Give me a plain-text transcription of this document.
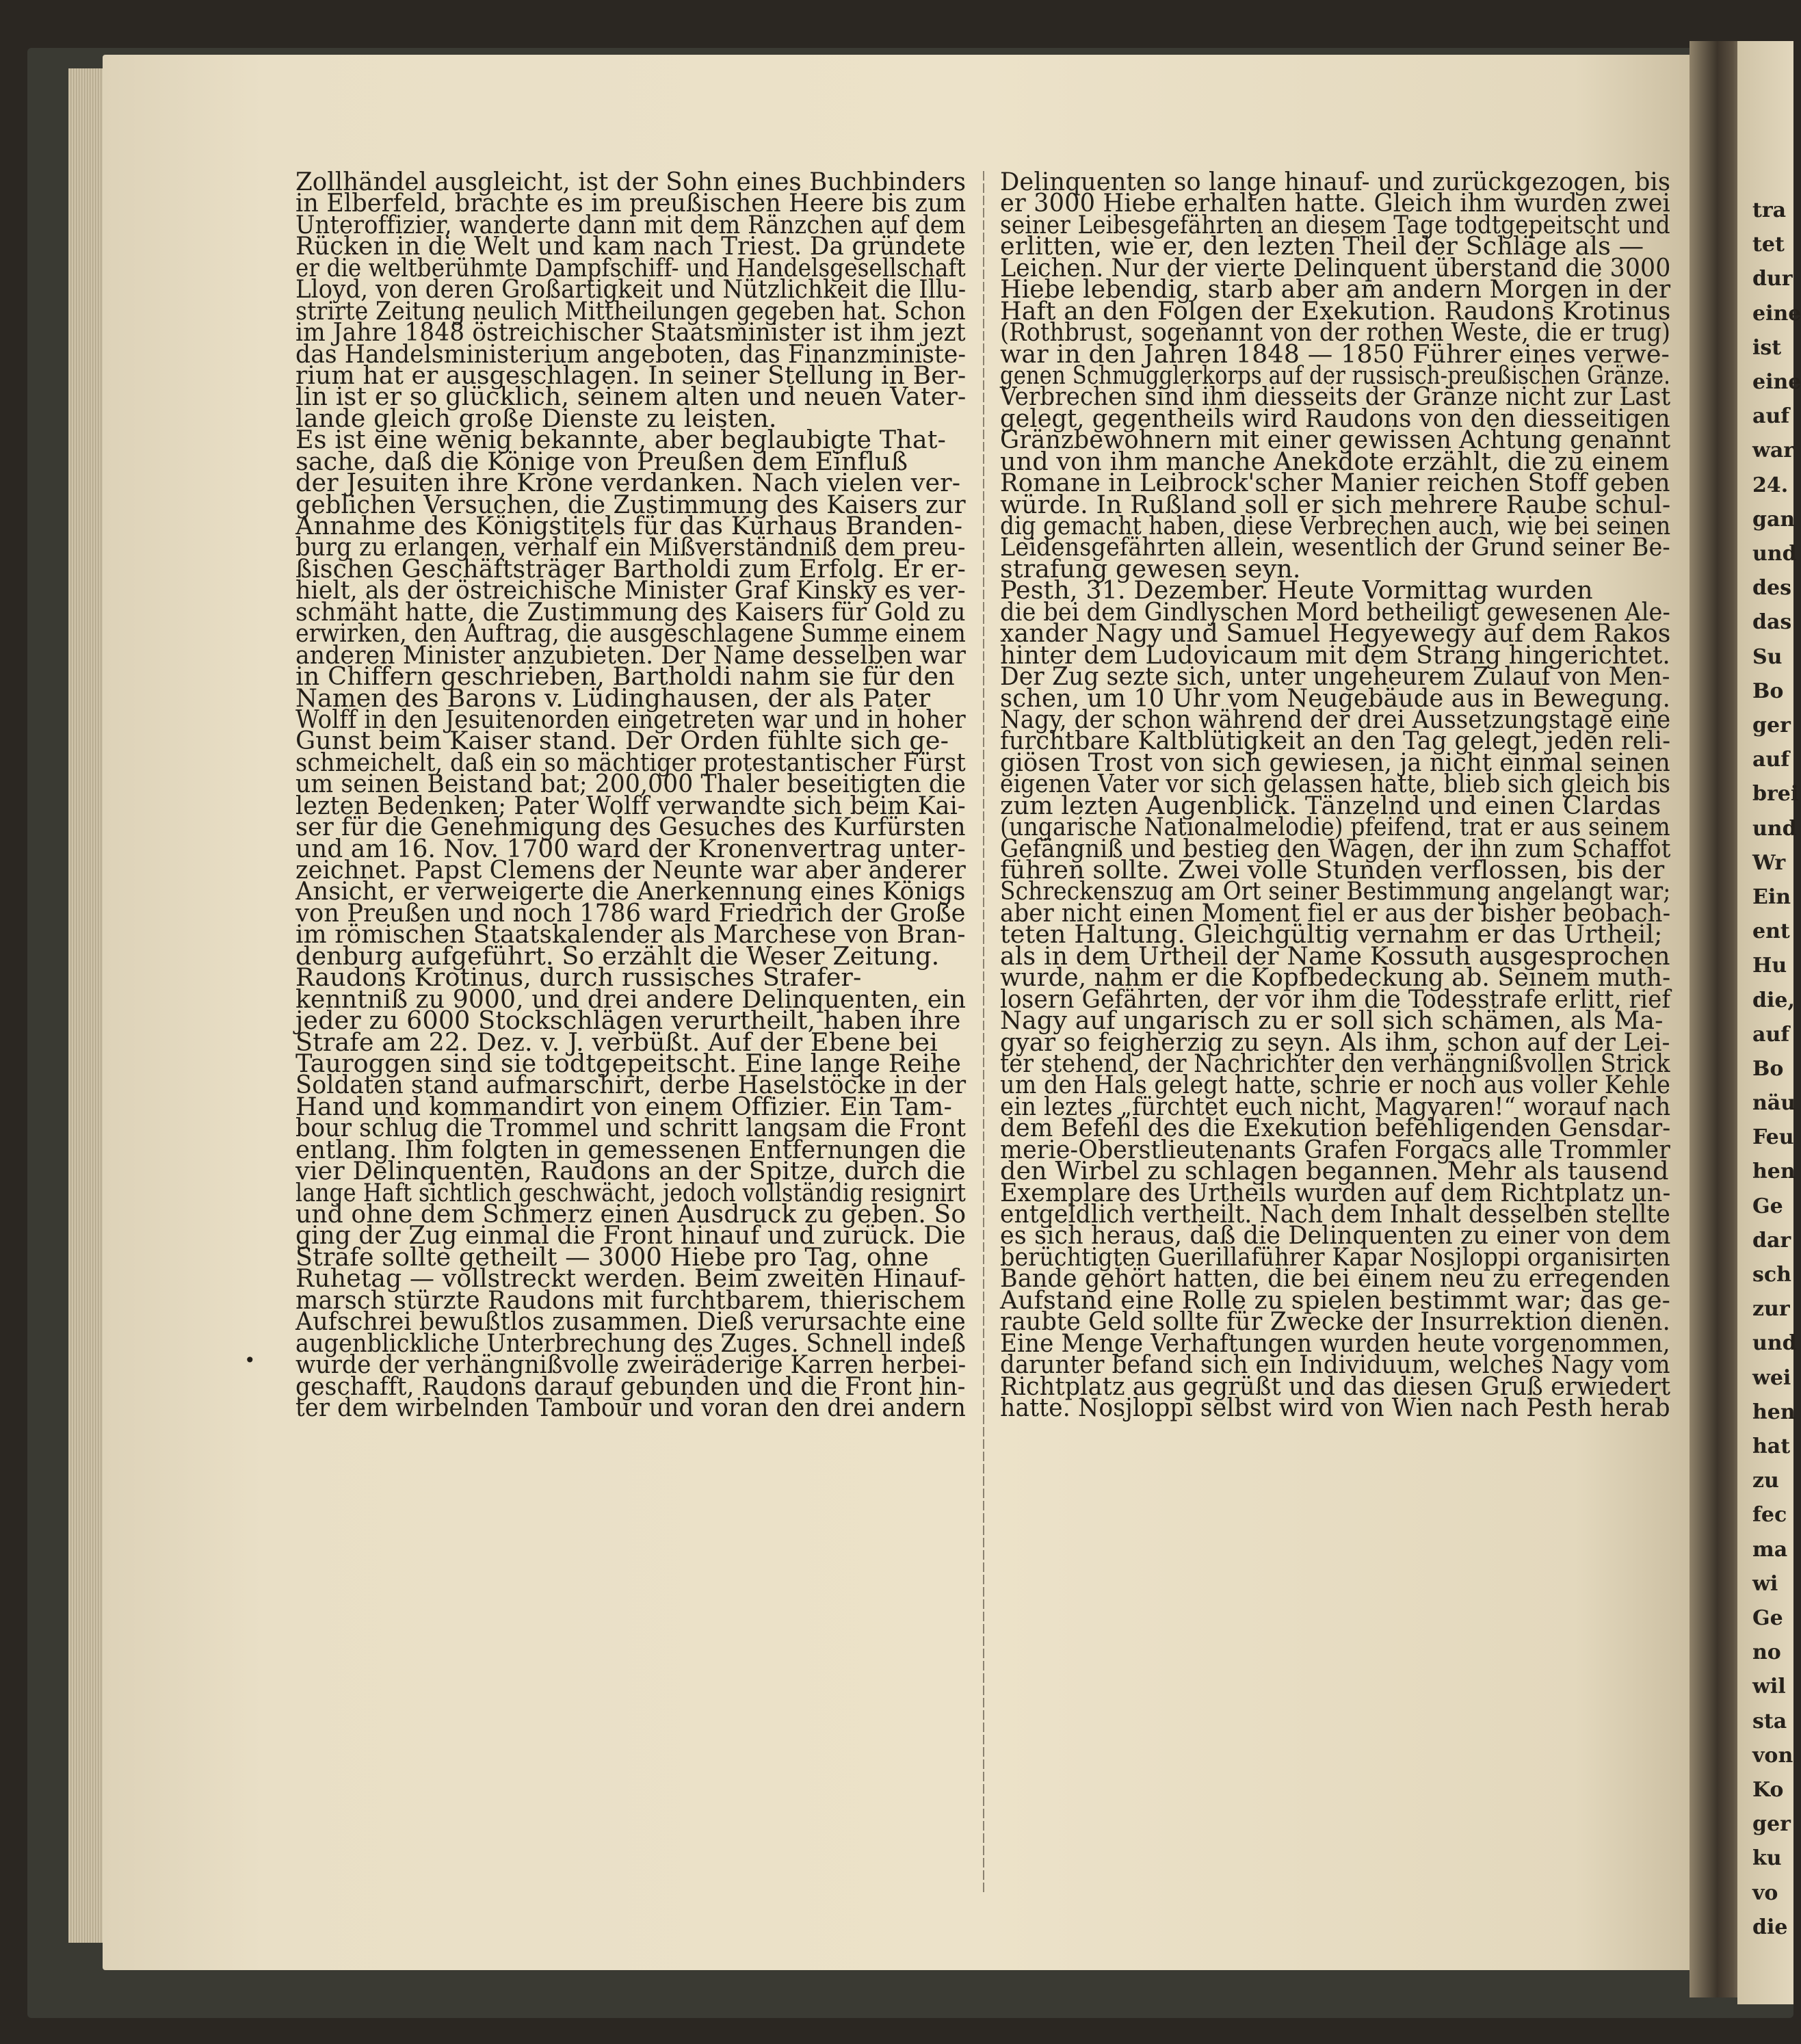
tra
tet
dur
eine
ist
eine
auf
war
24.
gan
und
des
das
Su
Bo
ger
auf
brei
und
Wr
Ein
ent
Hu
die,
auf
Bo
näu
Feu
hen
Ge
dar
sch
zur
und
wei
hen
hat
zu
fec
ma
wi
Ge
no
wil
sta
von
Ko
ger
ku
vo
die
Zollhändel ausgleicht, ist der Sohn eines Buchbinders
in Elberfeld, brachte es im preußischen Heere bis zum
Unteroffizier, wanderte dann mit dem Ränzchen auf dem
Rücken in die Welt und kam nach Triest. Da gründete
er die weltberühmte Dampfschiff- und Handelsgesellschaft
Lloyd, von deren Großartigkeit und Nützlichkeit die Illu-
strirte Zeitung neulich Mittheilungen gegeben hat. Schon
im Jahre 1848 östreichischer Staatsminister ist ihm jezt
das Handelsministerium angeboten, das Finanzministe-
rium hat er ausgeschlagen. In seiner Stellung in Ber-
lin ist er so glücklich, seinem alten und neuen Vater-
lande gleich große Dienste zu leisten.
Es ist eine wenig bekannte, aber beglaubigte That-
sache, daß die Könige von Preußen dem Einfluß
der Jesuiten ihre Krone verdanken. Nach vielen ver-
geblichen Versuchen, die Zustimmung des Kaisers zur
Annahme des Königstitels für das Kurhaus Branden-
burg zu erlangen, verhalf ein Mißverständniß dem preu-
ßischen Geschäftsträger Bartholdi zum Erfolg. Er er-
hielt, als der östreichische Minister Graf Kinsky es ver-
schmäht hatte, die Zustimmung des Kaisers für Gold zu
erwirken, den Auftrag, die ausgeschlagene Summe einem
anderen Minister anzubieten. Der Name desselben war
in Chiffern geschrieben, Bartholdi nahm sie für den
Namen des Barons v. Lüdinghausen, der als Pater
Wolff in den Jesuitenorden eingetreten war und in hoher
Gunst beim Kaiser stand. Der Orden fühlte sich ge-
schmeichelt, daß ein so mächtiger protestantischer Fürst
um seinen Beistand bat; 200,000 Thaler beseitigten die
lezten Bedenken; Pater Wolff verwandte sich beim Kai-
ser für die Genehmigung des Gesuches des Kurfürsten
und am 16. Nov. 1700 ward der Kronenvertrag unter-
zeichnet. Papst Clemens der Neunte war aber anderer
Ansicht, er verweigerte die Anerkennung eines Königs
von Preußen und noch 1786 ward Friedrich der Große
im römischen Staatskalender als Marchese von Bran-
denburg aufgeführt. So erzählt die Weser Zeitung.
Raudons Krotinus, durch russisches Strafer-
kenntniß zu 9000, und drei andere Delinquenten, ein
jeder zu 6000 Stockschlägen verurtheilt, haben ihre
Strafe am 22. Dez. v. J. verbüßt. Auf der Ebene bei
Tauroggen sind sie todtgepeitscht. Eine lange Reihe
Soldaten stand aufmarschirt, derbe Haselstöcke in der
Hand und kommandirt von einem Offizier. Ein Tam-
bour schlug die Trommel und schritt langsam die Front
entlang. Ihm folgten in gemessenen Entfernungen die
vier Delinquenten, Raudons an der Spitze, durch die
lange Haft sichtlich geschwächt, jedoch vollständig resignirt
und ohne dem Schmerz einen Ausdruck zu geben. So
ging der Zug einmal die Front hinauf und zurück. Die
Strafe sollte getheilt — 3000 Hiebe pro Tag, ohne
Ruhetag — vollstreckt werden. Beim zweiten Hinauf-
marsch stürzte Raudons mit furchtbarem, thierischem
Aufschrei bewußtlos zusammen. Dieß verursachte eine
augenblickliche Unterbrechung des Zuges. Schnell indeß
wurde der verhängnißvolle zweiräderige Karren herbei-
geschafft, Raudons darauf gebunden und die Front hin-
ter dem wirbelnden Tambour und voran den drei andern
Delinquenten so lange hinauf- und zurückgezogen, bis
er 3000 Hiebe erhalten hatte. Gleich ihm wurden zwei
seiner Leibesgefährten an diesem Tage todtgepeitscht und
erlitten, wie er, den lezten Theil der Schläge als —
Leichen. Nur der vierte Delinquent überstand die 3000
Hiebe lebendig, starb aber am andern Morgen in der
Haft an den Folgen der Exekution. Raudons Krotinus
(Rothbrust, sogenannt von der rothen Weste, die er trug)
war in den Jahren 1848 — 1850 Führer eines verwe-
genen Schmugglerkorps auf der russisch-preußischen Gränze.
Verbrechen sind ihm diesseits der Gränze nicht zur Last
gelegt, gegentheils wird Raudons von den diesseitigen
Gränzbewohnern mit einer gewissen Achtung genannt
und von ihm manche Anekdote erzählt, die zu einem
Romane in Leibrock'scher Manier reichen Stoff geben
würde. In Rußland soll er sich mehrere Raube schul-
dig gemacht haben, diese Verbrechen auch, wie bei seinen
Leidensgefährten allein, wesentlich der Grund seiner Be-
strafung gewesen seyn.
Pesth, 31. Dezember. Heute Vormittag wurden
die bei dem Gindlyschen Mord betheiligt gewesenen Ale-
xander Nagy und Samuel Hegyewegy auf dem Rakos
hinter dem Ludovicaum mit dem Strang hingerichtet.
Der Zug sezte sich, unter ungeheurem Zulauf von Men-
schen, um 10 Uhr vom Neugebäude aus in Bewegung.
Nagy, der schon während der drei Aussetzungstage eine
furchtbare Kaltblütigkeit an den Tag gelegt, jeden reli-
giösen Trost von sich gewiesen, ja nicht einmal seinen
eigenen Vater vor sich gelassen hatte, blieb sich gleich bis
zum lezten Augenblick. Tänzelnd und einen Clardas
(ungarische Nationalmelodie) pfeifend, trat er aus seinem
Gefängniß und bestieg den Wagen, der ihn zum Schaffot
führen sollte. Zwei volle Stunden verflossen, bis der
Schreckenszug am Ort seiner Bestimmung angelangt war;
aber nicht einen Moment fiel er aus der bisher beobach-
teten Haltung. Gleichgültig vernahm er das Urtheil;
als in dem Urtheil der Name Kossuth ausgesprochen
wurde, nahm er die Kopfbedeckung ab. Seinem muth-
losern Gefährten, der vor ihm die Todesstrafe erlitt, rief
Nagy auf ungarisch zu er soll sich schämen, als Ma-
gyar so feigherzig zu seyn. Als ihm, schon auf der Lei-
ter stehend, der Nachrichter den verhängnißvollen Strick
um den Hals gelegt hatte, schrie er noch aus voller Kehle
ein leztes „fürchtet euch nicht, Magyaren!“ worauf nach
dem Befehl des die Exekution befehligenden Gensdar-
merie-Oberstlieutenants Grafen Forgacs alle Trommler
den Wirbel zu schlagen begannen. Mehr als tausend
Exemplare des Urtheils wurden auf dem Richtplatz un-
entgeldlich vertheilt. Nach dem Inhalt desselben stellte
es sich heraus, daß die Delinquenten zu einer von dem
berüchtigten Guerillaführer Kapar Nosjloppi organisirten
Bande gehört hatten, die bei einem neu zu erregenden
Aufstand eine Rolle zu spielen bestimmt war; das ge-
raubte Geld sollte für Zwecke der Insurrektion dienen.
Eine Menge Verhaftungen wurden heute vorgenommen,
darunter befand sich ein Individuum, welches Nagy vom
Richtplatz aus gegrüßt und das diesen Gruß erwiedert
hatte. Nosjloppi selbst wird von Wien nach Pesth herab
•
